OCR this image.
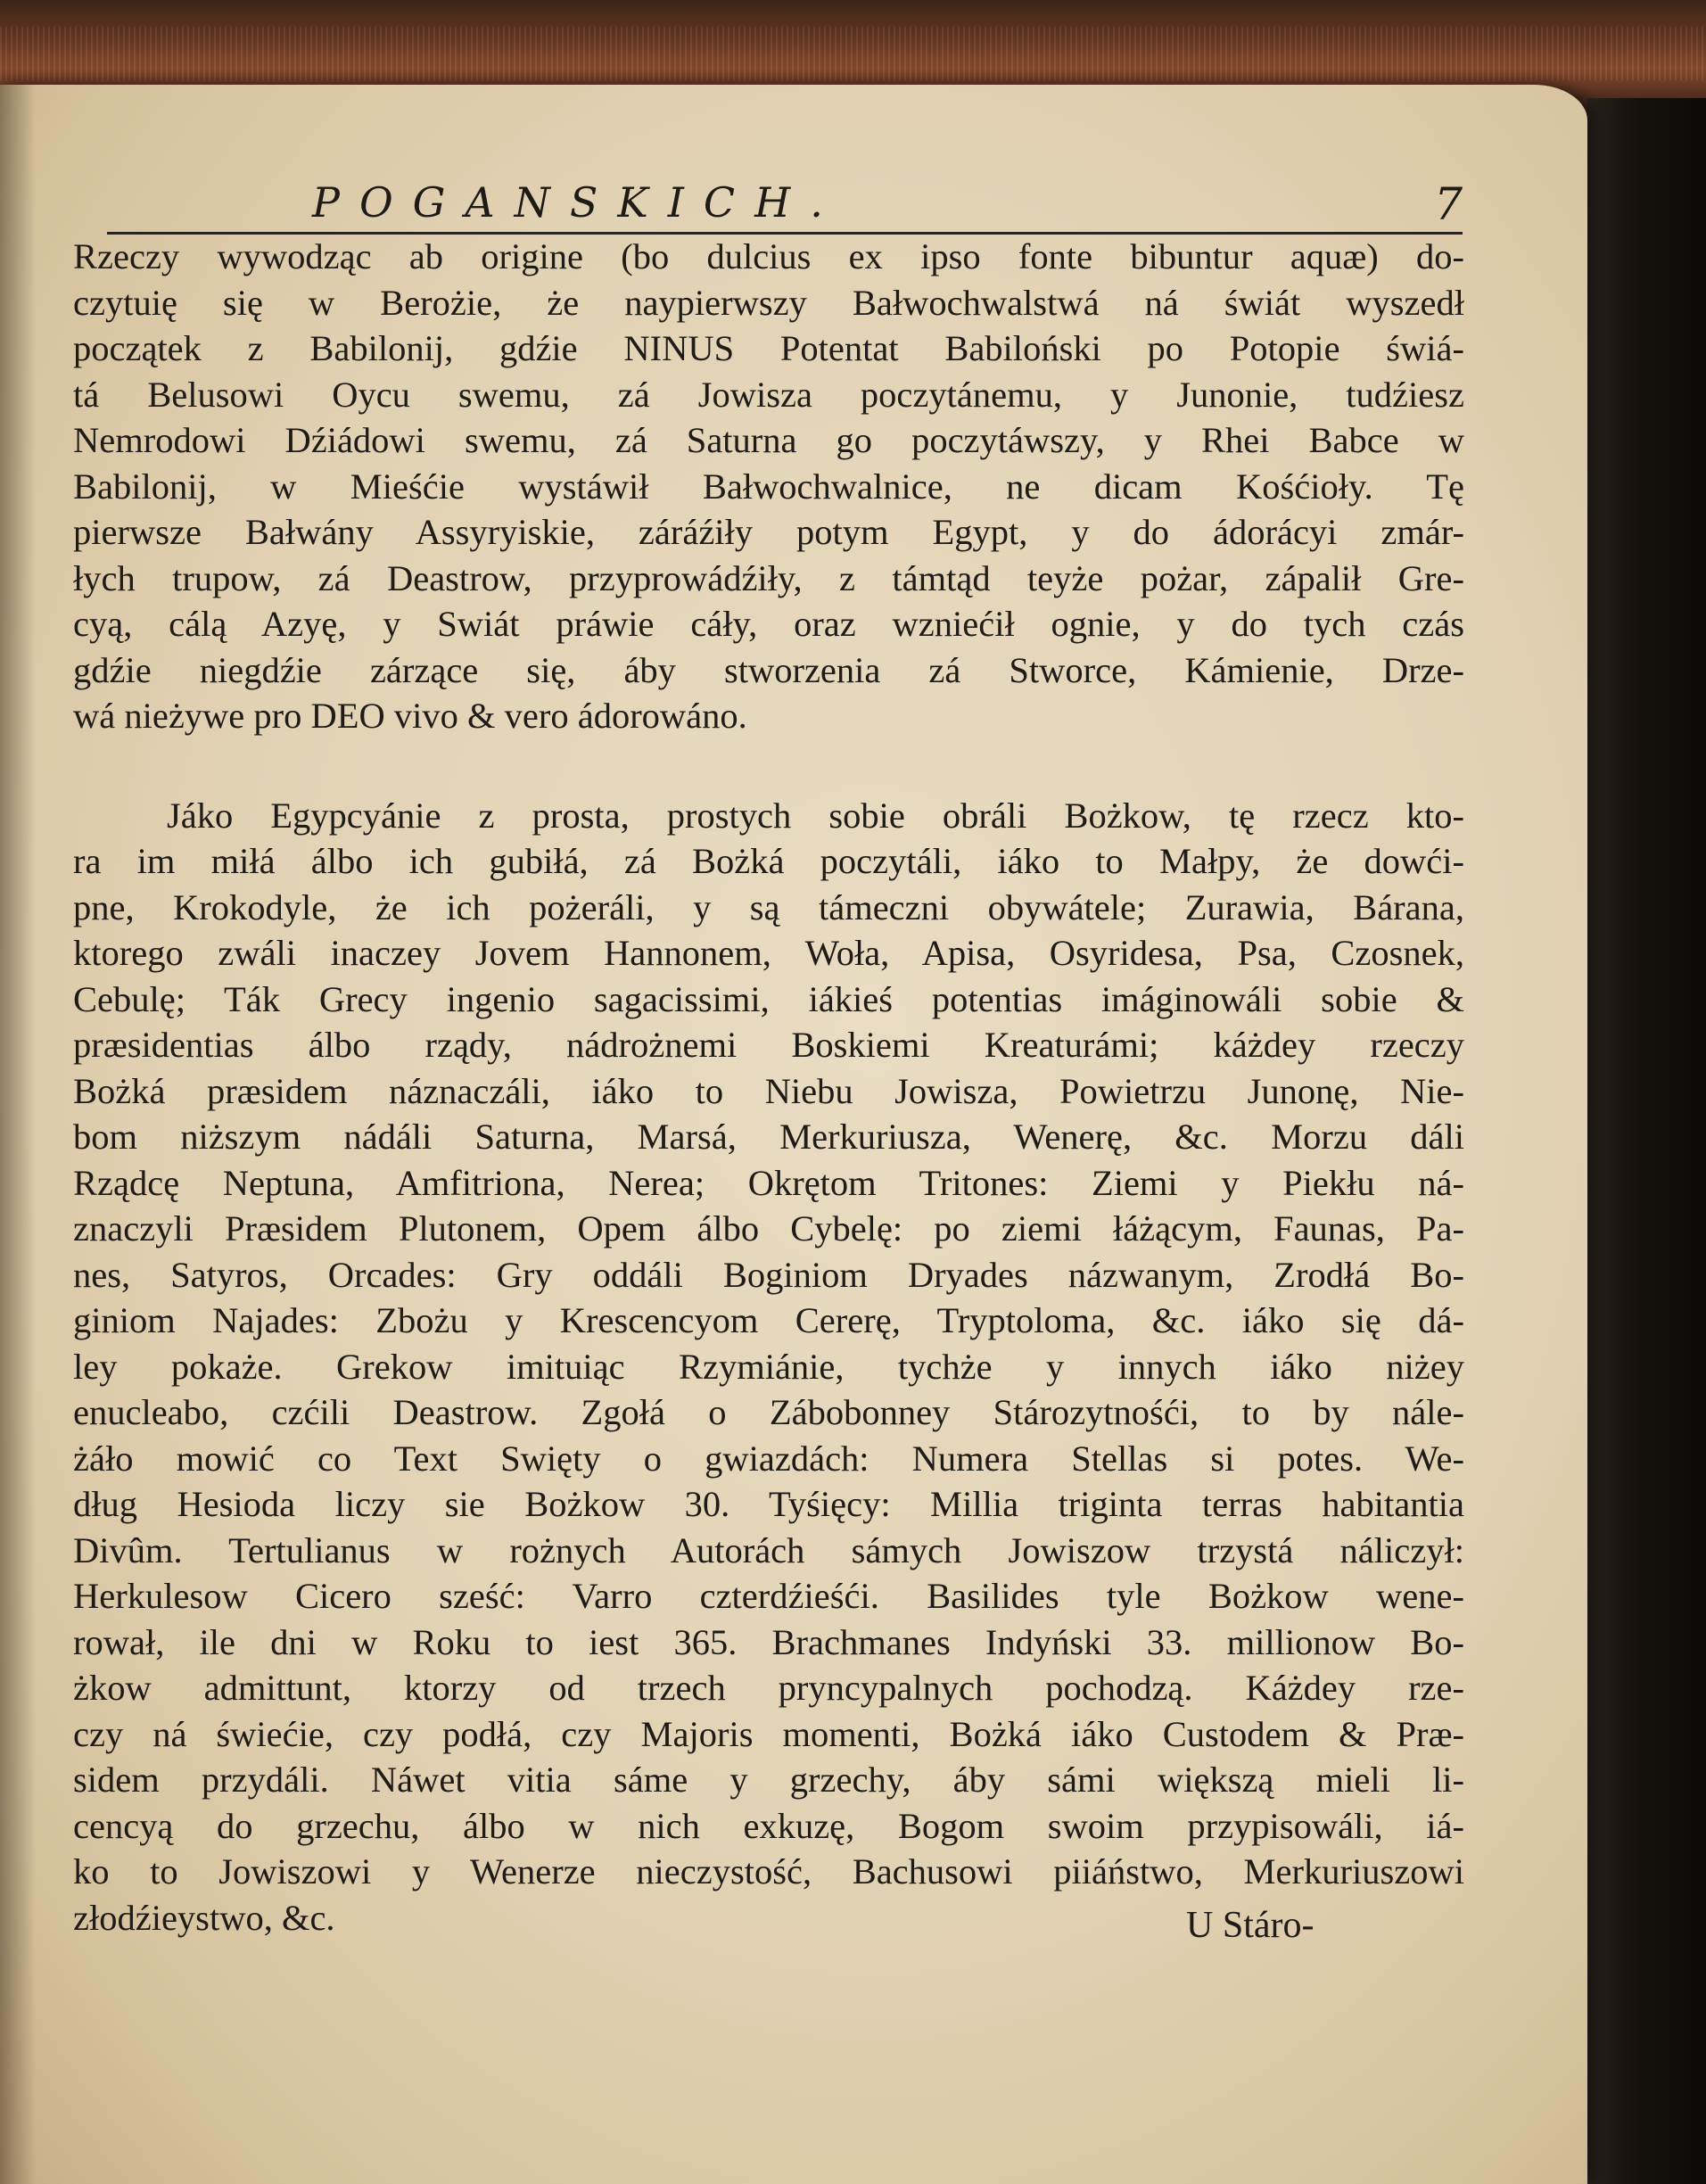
POGANSKICH.	7
Rzeczy wywodząc ab origine (bo dulcius ex ipso fonte bibuntur aquæ) do-
czytuię się w Berożie, że naypierwszy Bałwochwalstwá ná świát wyszedł
początek z Babilonij, gdźie NINUS Potentat Babiloński po Potopie świá-
tá Belusowi Oycu swemu, zá Jowisza poczytánemu, y Junonie, tudźiesz
Nemrodowi Dźiádowi swemu, zá Saturna go poczytáwszy, y Rhei Babce w
Babilonij, w Mieśćie wystáwił Bałwochwalnice, ne dicam Kośćioły. Tę
pierwsze Bałwány Assyryiskie, záráźiły potym Egypt, y do ádorácyi zmár-
łych trupow, zá Deastrow, przyprowádźiły, z támtąd teyże pożar, zápalił Gre-
cyą, cálą Azyę, y Swiát práwie cáły, oraz wzniećił ognie, y do tych czás
gdźie niegdźie zárzące się, áby stworzenia zá Stworce, Kámienie, Drze-
wá nieżywe pro DEO vivo & vero ádorowáno.
Jáko Egypcyánie z prosta, prostych sobie obráli Bożkow, tę rzecz kto-
ra im miłá álbo ich gubiłá, zá Bożká poczytáli, iáko to Małpy, że dowći-
pne, Krokodyle, że ich pożeráli, y są támeczni obywátele; Zurawia, Bárana,
ktorego zwáli inaczey Jovem Hannonem, Woła, Apisa, Osyridesa, Psa, Czosnek,
Cebulę; Ták Grecy ingenio sagacissimi, iákieś potentias imáginowáli sobie &
præsidentias álbo rządy, nádrożnemi Boskiemi Kreaturámi; káżdey rzeczy
Bożká præsidem náznaczáli, iáko to Niebu Jowisza, Powietrzu Junonę, Nie-
bom niższym nádáli Saturna, Marsá, Merkuriusza, Wenerę, &c. Morzu dáli
Rządcę Neptuna, Amfitriona, Nerea; Okrętom Tritones: Ziemi y Piekłu ná-
znaczyli Præsidem Plutonem, Opem álbo Cybelę: po ziemi łáżącym, Faunas, Pa-
nes, Satyros, Orcades: Gry oddáli Boginiom Dryades názwanym, Zrodłá Bo-
giniom Najades: Zbożu y Krescencyom Cererę, Tryptoloma, &c. iáko się dá-
ley pokaże. Grekow imituiąc Rzymiánie, tychże y innych iáko niżey
enucleabo, czćili Deastrow. Zgołá o Zábobonney Stározytnośći, to by nále-
żáło mowić co Text Swięty o gwiazdách: Numera Stellas si potes. We-
dług Hesioda liczy sie Bożkow 30. Tyśięcy: Millia triginta terras habitantia
Divûm. Tertulianus w rożnych Autorách sámych Jowiszow trzystá náliczył:
Herkulesow Cicero sześć: Varro czterdźieśći. Basilides tyle Bożkow wene-
rował, ile dni w Roku to iest 365. Brachmanes Indyński 33. millionow Bo-
żkow admittunt, ktorzy od trzech pryncypalnych pochodzą. Káżdey rze-
czy ná świećie, czy podłá, czy Majoris momenti, Bożká iáko Custodem & Præ-
sidem przydáli. Náwet vitia sáme y grzechy, áby sámi większą mieli li-
cencyą do grzechu, álbo w nich exkuzę, Bogom swoim przypisowáli, iá-
ko to Jowiszowi y Wenerze nieczystość, Bachusowi piiáństwo, Merkuriuszowi
złodźieystwo, &c.	U Stáro-
